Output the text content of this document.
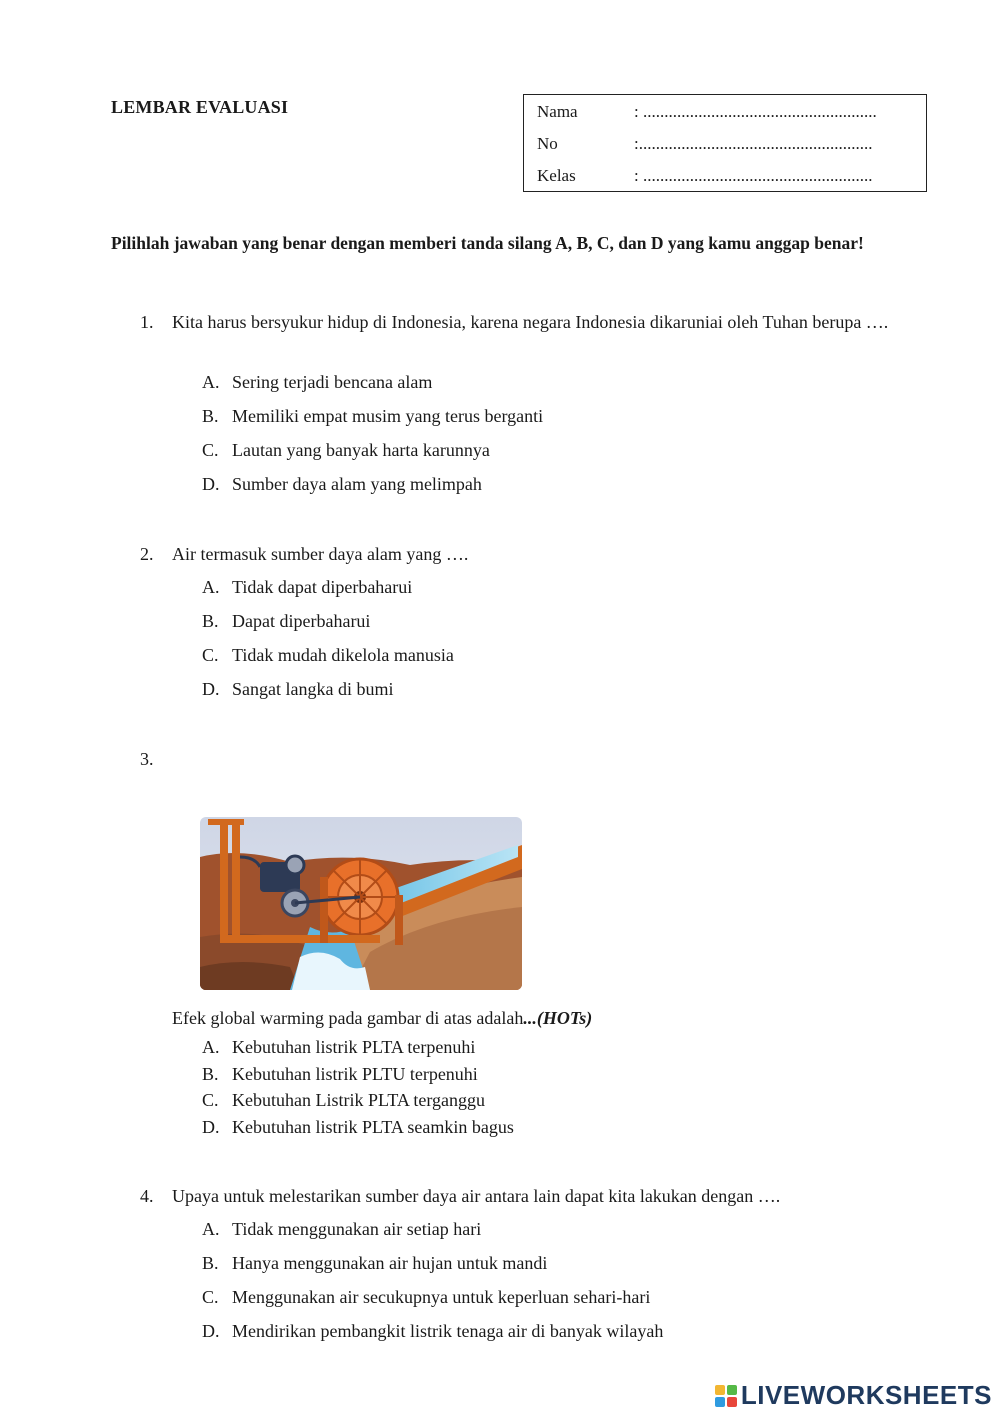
LEMBAR EVALUASI	Nama	: .......................................................
No	:.......................................................
Kelas	: ......................................................
Pilihlah jawaban yang benar dengan memberi tanda silang A, B, C, dan D yang kamu anggap benar!
1.	Kita harus bersyukur hidup di Indonesia, karena negara Indonesia dikaruniai oleh Tuhan berupa ….
A. Sering terjadi bencana alam
B. Memiliki empat musim yang terus berganti
C. Lautan yang banyak harta karunnya
D. Sumber daya alam yang melimpah
2.	Air termasuk sumber daya alam yang ….
A. Tidak dapat diperbaharui
B. Dapat diperbaharui
C. Tidak mudah dikelola manusia
D. Sangat langka di bumi
3.
Efek global warming pada gambar di atas adalah...(HOTs)
A. Kebutuhan listrik PLTA terpenuhi
B. Kebutuhan listrik PLTU terpenuhi
C. Kebutuhan Listrik PLTA terganggu
D. Kebutuhan listrik PLTA seamkin bagus
4.	Upaya untuk melestarikan sumber daya air antara lain dapat kita lakukan dengan ….
A. Tidak menggunakan air setiap hari
B. Hanya menggunakan air hujan untuk mandi
C. Menggunakan air secukupnya untuk keperluan sehari-hari
D. Mendirikan pembangkit listrik tenaga air di banyak wilayah
LIVEWORKSHEETS
